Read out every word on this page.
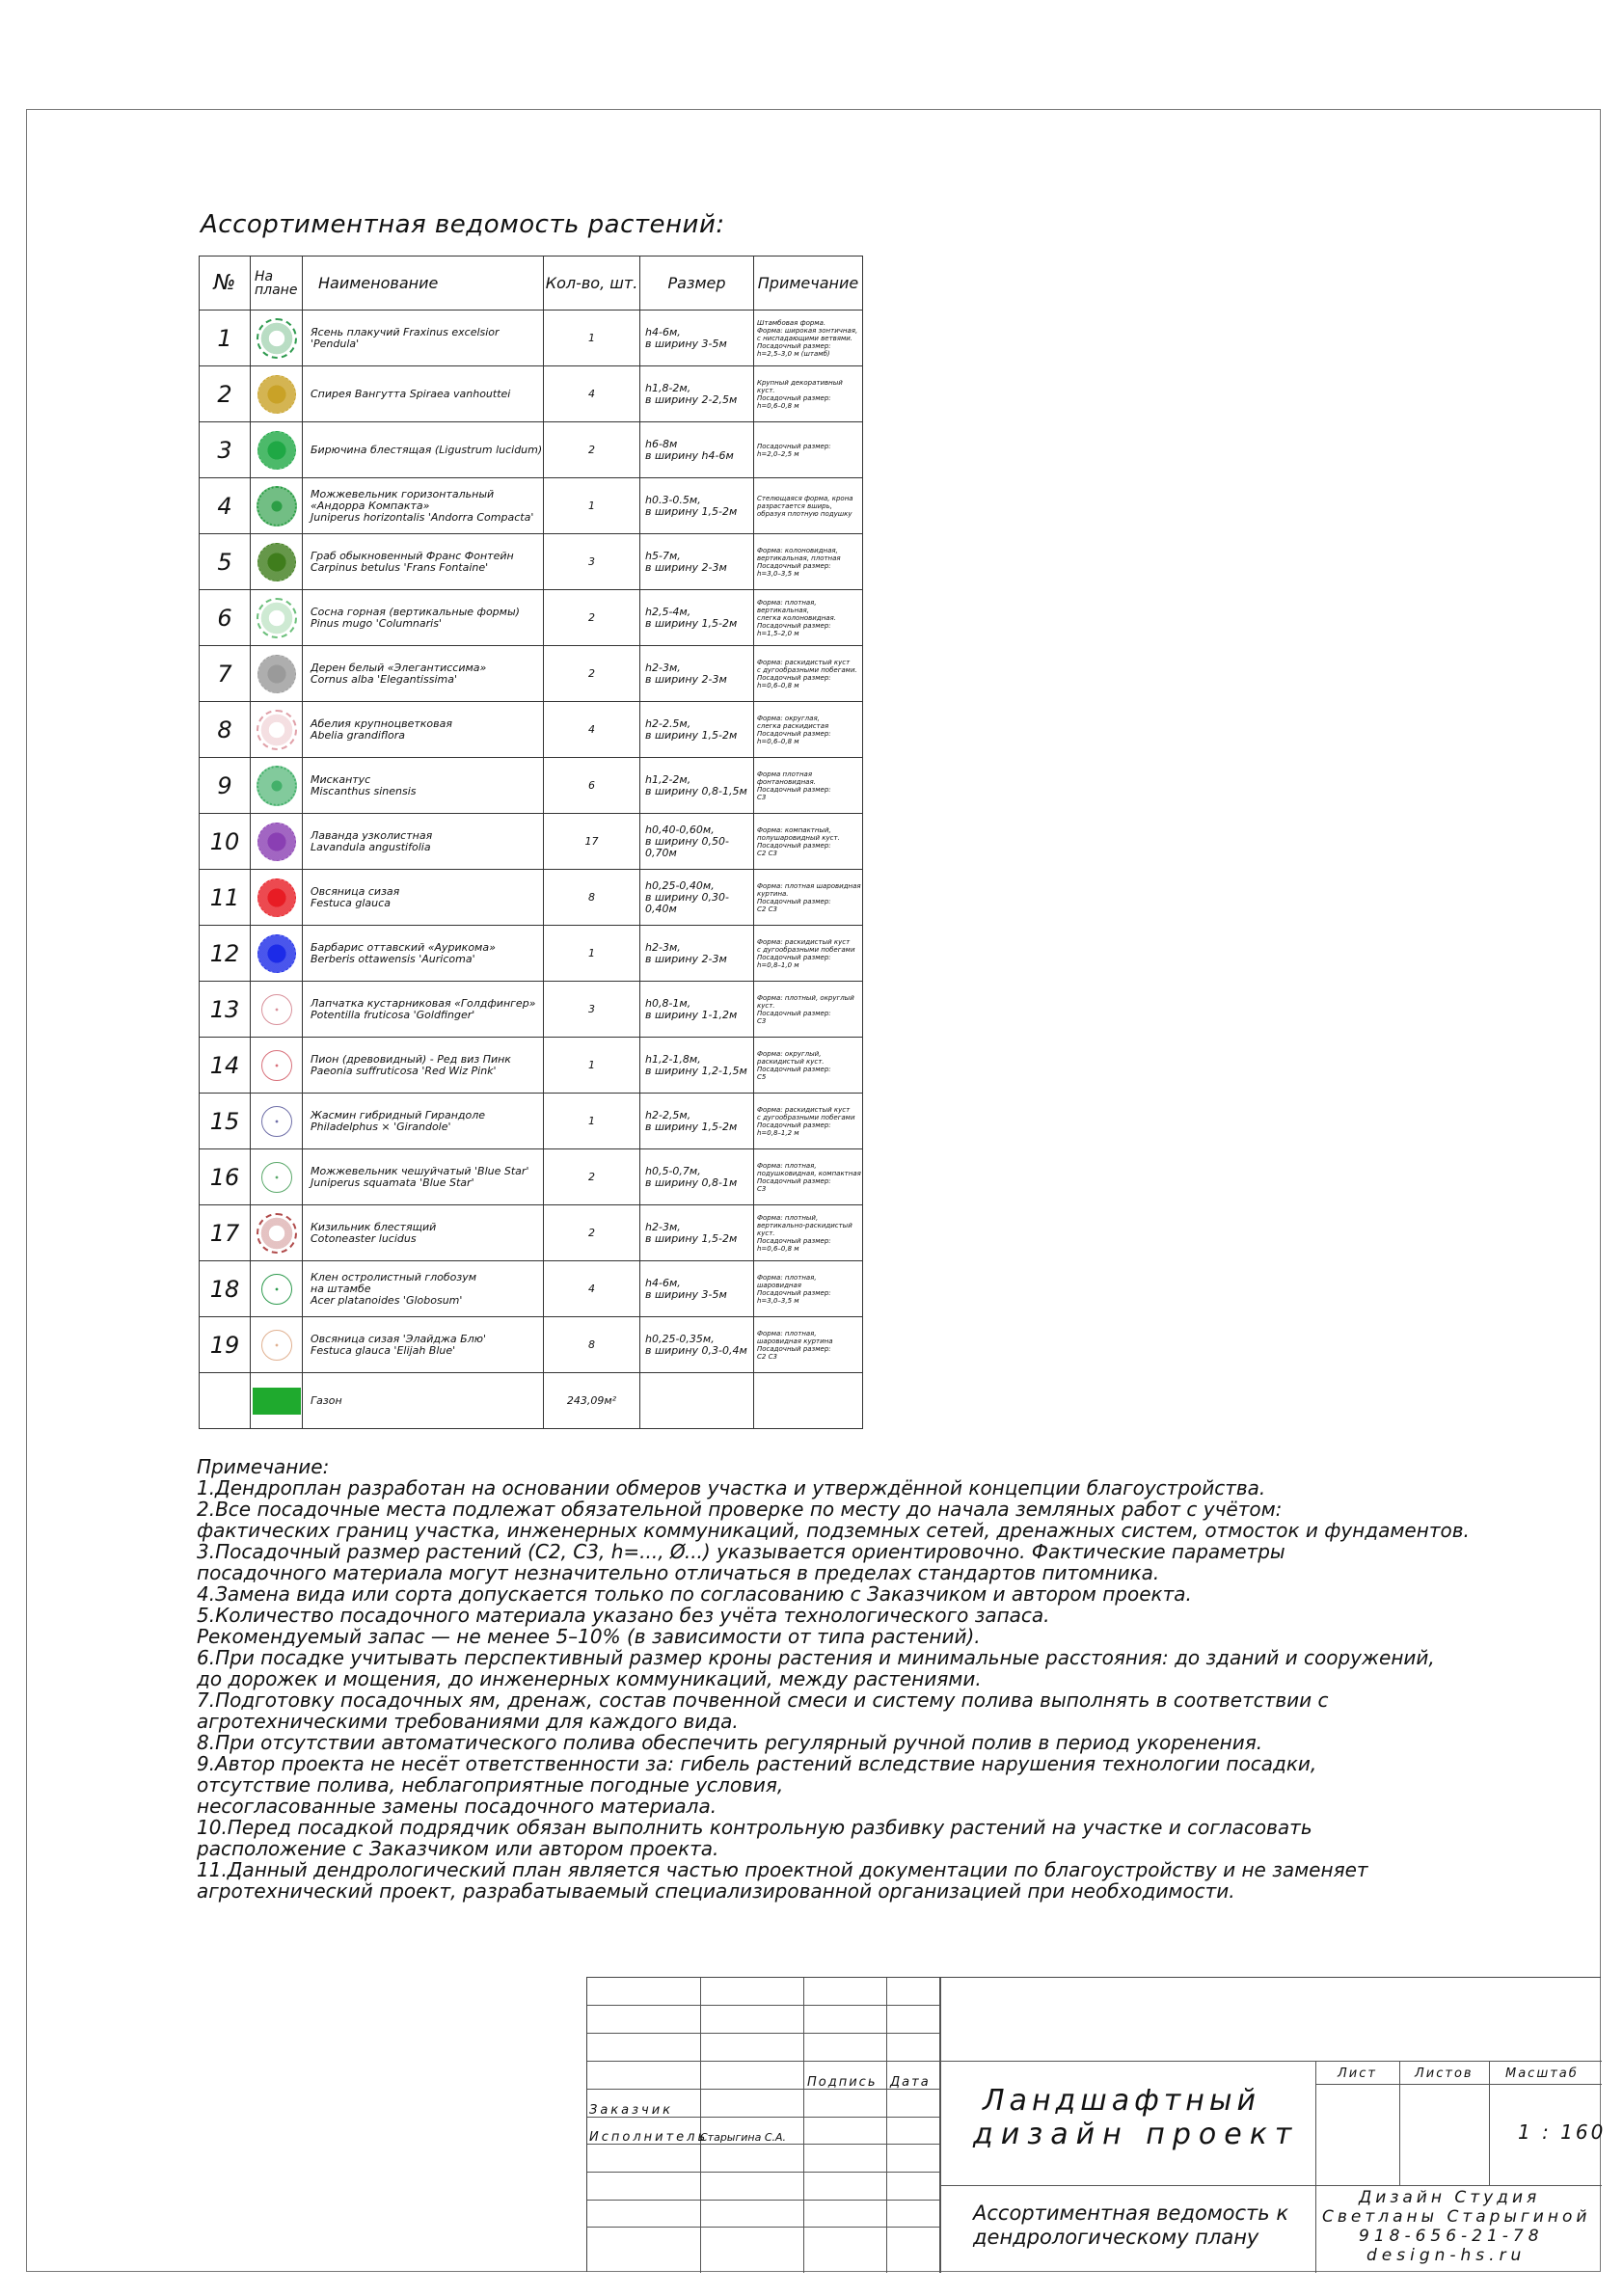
Ассортиментная ведомость растений:
№	На плане	Наименование	Кол-во, шт.	Размер	Примечание
1		Ясень плакучий Fraxinus excelsior 'Pendula'	1	h4-6м,
в ширину 3-5м	Штамбовая форма.
Форма: широкая зонтичная,
с ниспадающими ветвями.
Посадочный размер:
h=2,5–3,0 м (штамб)
2		Спирея Вангутта Spiraea vanhouttei	4	h1,8-2м,
в ширину 2-2,5м	Крупный декоративный куст.
Посадочный размер:
h=0,6–0,8 м
3		Бирючина блестящая (Ligustrum lucidum)	2	h6-8м
в ширину h4-6м	Посадочный размер:
h=2,0–2,5 м
4		Можжевельник горизонтальный
«Андорра Компакта»
Juniperus horizontalis 'Andorra Compacta'	1	h0.3-0.5м,
в ширину 1,5-2м	Стелющаяся форма, крона
разрастается вширь,
образуя плотную подушку
5		Граб обыкновенный Франс Фонтейн
Carpinus betulus 'Frans Fontaine'	3	h5-7м,
в ширину 2-3м	Форма: колоновидная,
вертикальная, плотная
Посадочный размер:
h=3,0–3,5 м
6		Сосна горная (вертикальные формы)
Pinus mugo 'Columnaris'	2	h2,5-4м,
в ширину 1,5-2м	Форма: плотная,
вертикальная,
слегка колоновидная.
Посадочный размер:
h=1,5–2,0 м
7		Дерен белый «Элегантиссима»
Cornus alba 'Elegantissima'	2	h2-3м,
в ширину 2-3м	Форма: раскидистый куст
с дугообразными побегами.
Посадочный размер:
h=0,6–0,8 м
8		Абелия крупноцветковая
Abelia grandiflora	4	h2-2.5м,
в ширину 1,5-2м	Форма: округлая,
слегка раскидистая
Посадочный размер:
h=0,6–0,8 м
9		Мискантус
Miscanthus sinensis	6	h1,2-2м,
в ширину 0,8-1,5м	Форма плотная
фонтановидная.
Посадочный размер:
С3
10		Лаванда узколистная
Lavandula angustifolia	17	h0,40-0,60м,
в ширину 0,50-0,70м	Форма: компактный,
полушаровидный куст.
Посадочный размер:
С2 С3
11		Овсяница сизая
Festuca glauca	8	h0,25-0,40м,
в ширину 0,30-0,40м	Форма: плотная шаровидная
куртина.
Посадочный размер:
С2 С3
12		Барбарис оттавский «Аурикома»
Berberis ottawensis 'Auricoma'	1	h2-3м,
в ширину 2-3м	Форма: раскидистый куст
с дугообразными побегами
Посадочный размер:
h=0,8–1,0 м
13		Лапчатка кустарниковая «Голдфингер»
Potentilla fruticosa 'Goldfinger'	3	h0,8-1м,
в ширину 1-1,2м	Форма: плотный, округлый
куст.
Посадочный размер:
С3
14		Пион (древовидный) - Ред виз Пинк
Paeonia suffruticosa 'Red Wiz Pink'	1	h1,2-1,8м,
в ширину 1,2-1,5м	Форма: округлый,
раскидистый куст.
Посадочный размер:
С5
15		Жасмин гибридный Гирандоле
Philadelphus × 'Girandole'	1	h2-2,5м,
в ширину 1,5-2м	Форма: раскидистый куст
с дугообразными побегами
Посадочный размер:
h=0,8–1,2 м
16		Можжевельник чешуйчатый 'Blue Star'
Juniperus squamata 'Blue Star'	2	h0,5-0,7м,
в ширину 0,8-1м	Форма: плотная,
подушковидная, компактная
Посадочный размер:
С3
17		Кизильник блестящий
Cotoneaster lucidus	2	h2-3м,
в ширину 1,5-2м	Форма: плотный,
вертикально-раскидистый
куст.
Посадочный размер:
h=0,6–0,8 м
18		Клен остролистный глобозум
на штамбе
Acer platanoides 'Globosum'	4	h4-6м,
в ширину 3-5м	Форма: плотная, шаровидная
Посадочный размер:
h=3,0–3,5 м
19		Овсяница сизая 'Элайджа Блю'
Festuca glauca 'Elijah Blue'	8	h0,25-0,35м,
в ширину 0,3-0,4м	Форма: плотная,
шаровидная куртина
Посадочный размер:
С2 С3
		Газон	243,09м²		
Примечание:
1.Дендроплан разработан на основании обмеров участка и утверждённой концепции благоустройства.
2.Все посадочные места подлежат обязательной проверке по месту до начала земляных работ с учётом:
фактических границ участка, инженерных коммуникаций, подземных сетей, дренажных систем, отмосток и фундаментов.
3.Посадочный размер растений (С2, С3, h=..., Ø...) указывается ориентировочно. Фактические параметры
посадочного материала могут незначительно отличаться в пределах стандартов питомника.
4.Замена вида или сорта допускается только по согласованию с Заказчиком и автором проекта.
5.Количество посадочного материала указано без учёта технологического запаса.
Рекомендуемый запас — не менее 5–10% (в зависимости от типа растений).
6.При посадке учитывать перспективный размер кроны растения и минимальные расстояния: до зданий и сооружений,
до дорожек и мощения, до инженерных коммуникаций, между растениями.
7.Подготовку посадочных ям, дренаж, состав почвенной смеси и систему полива выполнять в соответствии с
агротехническими требованиями для каждого вида.
8.При отсутствии автоматического полива обеспечить регулярный ручной полив в период укоренения.
9.Автор проекта не несёт ответственности за: гибель растений вследствие нарушения технологии посадки,
отсутствие полива, неблагоприятные погодные условия,
несогласованные замены посадочного материала.
10.Перед посадкой подрядчик обязан выполнить контрольную разбивку растений на участке и согласовать
расположение с Заказчиком или автором проекта.
11.Данный дендрологический план является частью проектной документации по благоустройству и не заменяет
агротехнический проект, разрабатываемый специализированной организацией при необходимости.
Подпись Дата
Заказчик
Исполнитель
Старыгина С.А.
Ландшафтный
дизайн проект
Лист	Листов	Масштаб
1 : 160
Ассортиментная ведомость к
дендрологическому плану
Дизайн Студия
Светланы Старыгиной
918-656-21-78
design-hs.ru
